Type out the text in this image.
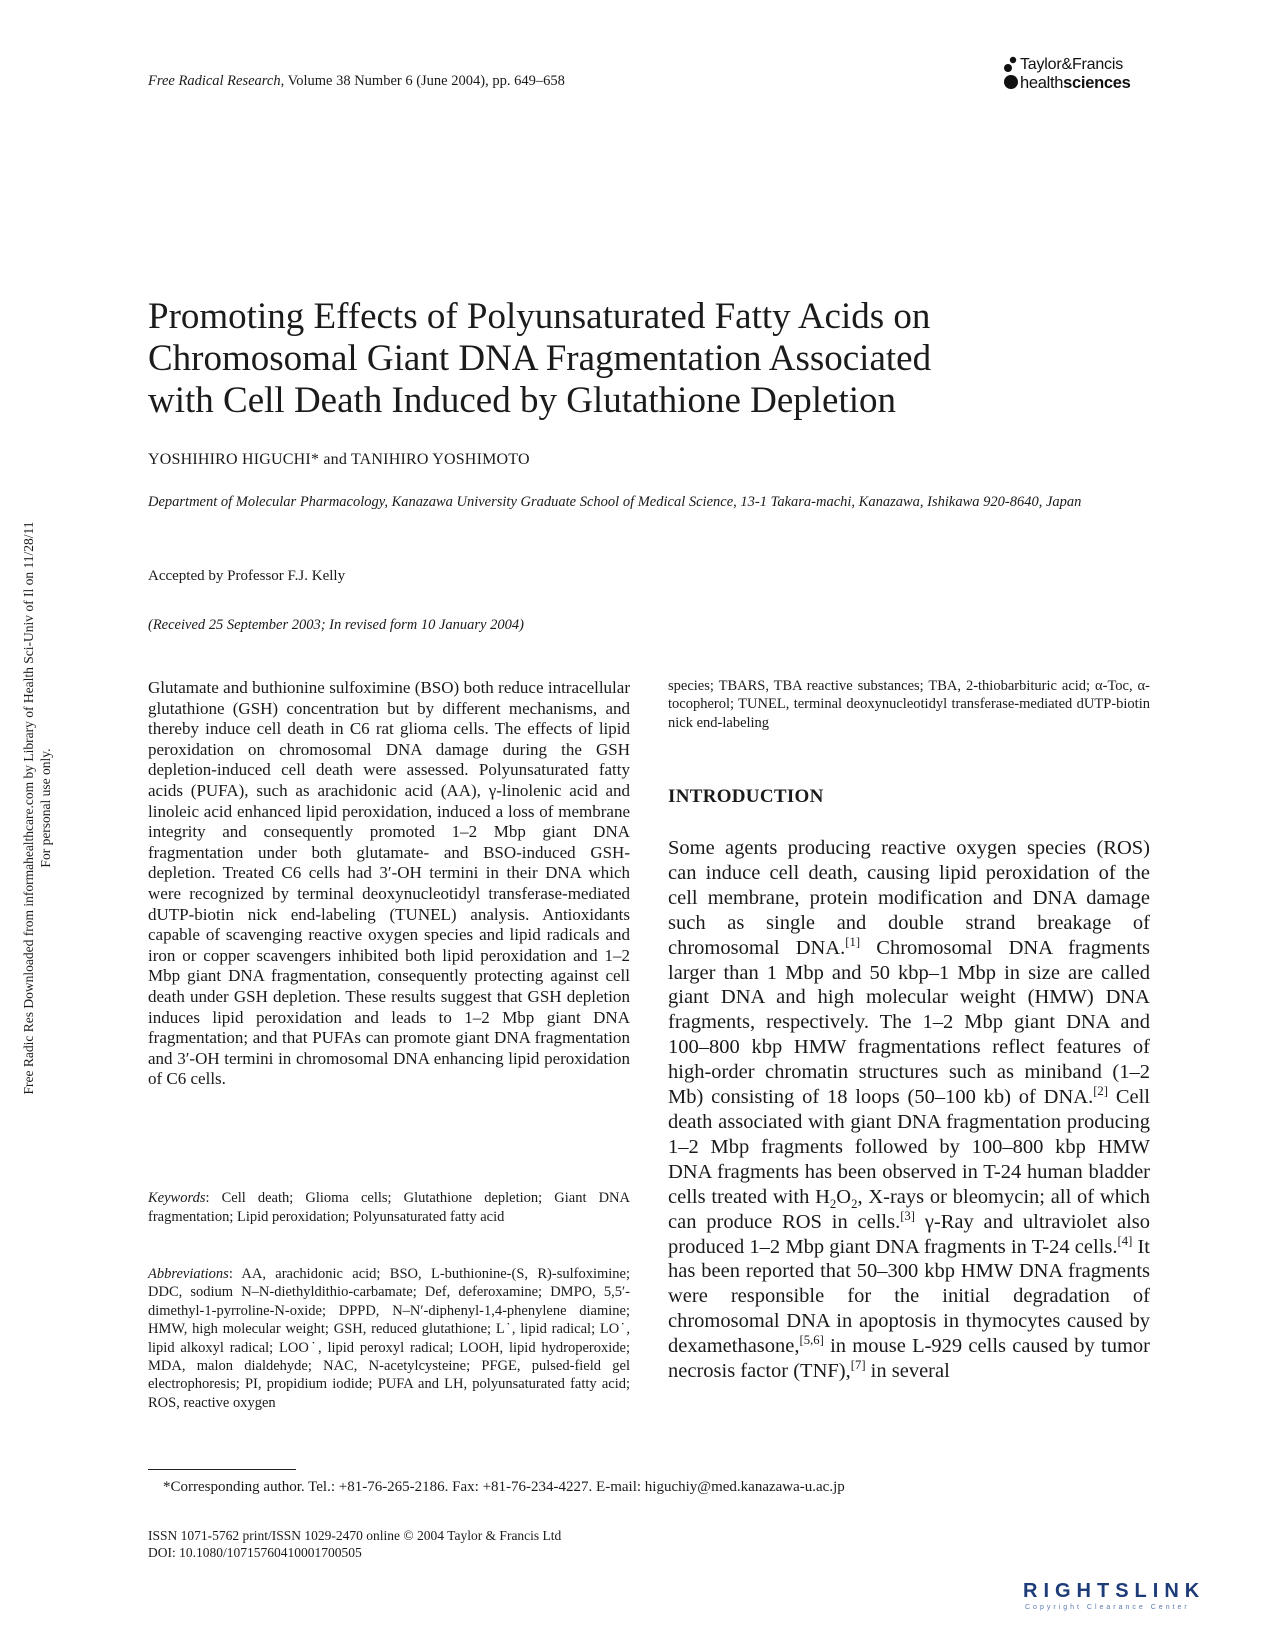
Free Radical Research, Volume 38 Number 6 (June 2004), pp. 649–658
Taylor&Francis
healthsciences
Free Radic Res Downloaded from informahealthcare.com by Library of Health Sci-Univ of Il on 11/28/11 For personal use only.
Promoting Effects of Polyunsaturated Fatty Acids on
Chromosomal Giant DNA Fragmentation Associated
with Cell Death Induced by Glutathione Depletion
YOSHIHIRO HIGUCHI* and TANIHIRO YOSHIMOTO
Department of Molecular Pharmacology, Kanazawa University Graduate School of Medical Science, 13-1 Takara-machi, Kanazawa, Ishikawa 920-8640, Japan
Accepted by Professor F.J. Kelly
(Received 25 September 2003; In revised form 10 January 2004)
Glutamate and buthionine sulfoximine (BSO) both reduce intracellular glutathione (GSH) concentration but by different mechanisms, and thereby induce cell death in C6 rat glioma cells. The effects of lipid peroxidation on chromosomal DNA damage during the GSH depletion-induced cell death were assessed. Polyunsaturated fatty acids (PUFA), such as arachidonic acid (AA), γ-linolenic acid and linoleic acid enhanced lipid peroxidation, induced a loss of membrane integrity and consequently promoted 1–2 Mbp giant DNA fragmentation under both glutamate- and BSO-induced GSH-depletion. Treated C6 cells had 3′-OH termini in their DNA which were recognized by terminal deoxynucleotidyl transferase-mediated dUTP-biotin nick end-labeling (TUNEL) analysis. Antioxidants capable of scavenging reactive oxygen species and lipid radicals and iron or copper scavengers inhibited both lipid peroxidation and 1–2 Mbp giant DNA fragmentation, consequently protecting against cell death under GSH depletion. These results suggest that GSH depletion induces lipid peroxidation and leads to 1–2 Mbp giant DNA fragmentation; and that PUFAs can promote giant DNA fragmentation and 3′-OH termini in chromosomal DNA enhancing lipid peroxidation of C6 cells.
Keywords: Cell death; Glioma cells; Glutathione depletion; Giant DNA fragmentation; Lipid peroxidation; Polyunsaturated fatty acid
Abbreviations: AA, arachidonic acid; BSO, L-buthionine-(S, R)-sulfoximine; DDC, sodium N–N-diethyldithio-carbamate; Def, deferoxamine; DMPO, 5,5′-dimethyl-1-pyrroline-N-oxide; DPPD, N–N′-diphenyl-1,4-phenylene diamine; HMW, high molecular weight; GSH, reduced glutathione; L˙, lipid radical; LO˙, lipid alkoxyl radical; LOO˙, lipid peroxyl radical; LOOH, lipid hydroperoxide; MDA, malon dialdehyde; NAC, N-acetylcysteine; PFGE, pulsed-field gel electrophoresis; PI, propidium iodide; PUFA and LH, polyunsaturated fatty acid; ROS, reactive oxygen
species; TBARS, TBA reactive substances; TBA, 2-thiobarbituric acid; α-Toc, α-tocopherol; TUNEL, terminal deoxynucleotidyl transferase-mediated dUTP-biotin nick end-labeling
INTRODUCTION
Some agents producing reactive oxygen species (ROS) can induce cell death, causing lipid peroxidation of the cell membrane, protein modification and DNA damage such as single and double strand breakage of chromosomal DNA.[1] Chromosomal DNA fragments larger than 1 Mbp and 50 kbp–1 Mbp in size are called giant DNA and high molecular weight (HMW) DNA fragments, respectively. The 1–2 Mbp giant DNA and 100–800 kbp HMW fragmentations reflect features of high-order chromatin structures such as miniband (1–2 Mb) consisting of 18 loops (50–100 kb) of DNA.[2] Cell death associated with giant DNA fragmentation producing 1–2 Mbp fragments followed by 100–800 kbp HMW DNA fragments has been observed in T-24 human bladder cells treated with $H_2O_2$, X-rays or bleomycin; all of which can produce ROS in cells.[3] γ-Ray and ultraviolet also produced 1–2 Mbp giant DNA fragments in T-24 cells.[4] It has been reported that 50–300 kbp HMW DNA fragments were responsible for the initial degradation of chromosomal DNA in apoptosis in thymocytes caused by dexamethasone,[5,6] in mouse L-929 cells caused by tumor necrosis factor (TNF),[7] in several
*Corresponding author. Tel.: +81-76-265-2186. Fax: +81-76-234-4227. E-mail: higuchiy@med.kanazawa-u.ac.jp
ISSN 1071-5762 print/ISSN 1029-2470 online © 2004 Taylor & Francis Ltd
DOI: 10.1080/10715760410001700505
RIGHTSLINK
Copyright Clearance Center
